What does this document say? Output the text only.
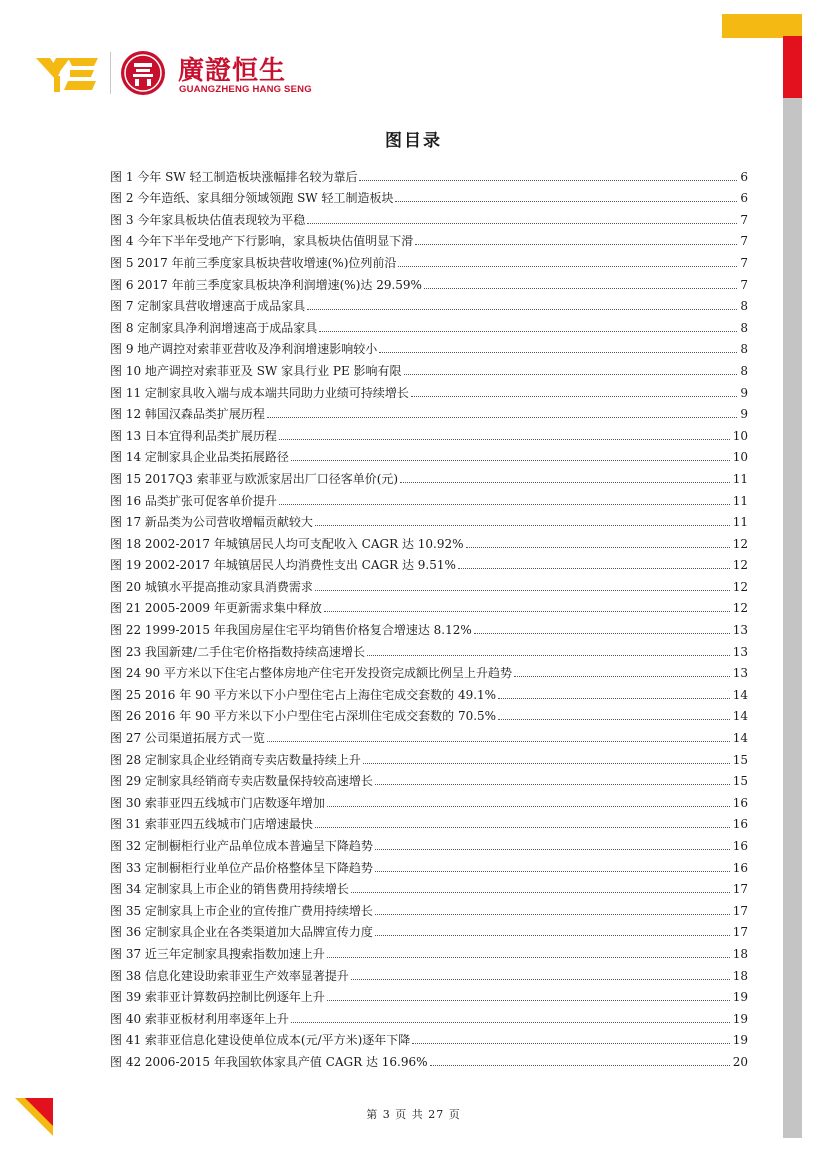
廣證恒生
GUANGZHENG HANG SENG
图目录
图 1 今年 SW 轻工制造板块涨幅排名较为靠后	6
图 2 今年造纸、家具细分领域领跑 SW 轻工制造板块	6
图 3 今年家具板块估值表现较为平稳	7
图 4 今年下半年受地产下行影响，家具板块估值明显下滑	7
图 5 2017 年前三季度家具板块营收增速(%)位列前沿	7
图 6 2017 年前三季度家具板块净利润增速(%)达 29.59%	7
图 7 定制家具营收增速高于成品家具	8
图 8 定制家具净利润增速高于成品家具	8
图 9 地产调控对索菲亚营收及净利润增速影响较小	8
图 10 地产调控对索菲亚及 SW 家具行业 PE 影响有限	8
图 11 定制家具收入端与成本端共同助力业绩可持续增长	9
图 12 韩国汉森品类扩展历程	9
图 13 日本宜得利品类扩展历程	10
图 14 定制家具企业品类拓展路径	10
图 15 2017Q3 索菲亚与欧派家居出厂口径客单价(元)	11
图 16 品类扩张可促客单价提升	11
图 17 新品类为公司营收增幅贡献较大	11
图 18 2002-2017 年城镇居民人均可支配收入 CAGR 达 10.92%	12
图 19 2002-2017 年城镇居民人均消费性支出 CAGR 达 9.51%	12
图 20 城镇水平提高推动家具消费需求	12
图 21 2005-2009 年更新需求集中释放	12
图 22 1999-2015 年我国房屋住宅平均销售价格复合增速达 8.12%	13
图 23 我国新建/二手住宅价格指数持续高速增长	13
图 24 90 平方米以下住宅占整体房地产住宅开发投资完成额比例呈上升趋势	13
图 25 2016 年 90 平方米以下小户型住宅占上海住宅成交套数的 49.1%	14
图 26 2016 年 90 平方米以下小户型住宅占深圳住宅成交套数的 70.5%	14
图 27 公司渠道拓展方式一览	14
图 28 定制家具企业经销商专卖店数量持续上升	15
图 29 定制家具经销商专卖店数量保持较高速增长	15
图 30 索菲亚四五线城市门店数逐年增加	16
图 31 索菲亚四五线城市门店增速最快	16
图 32 定制橱柜行业产品单位成本普遍呈下降趋势	16
图 33 定制橱柜行业单位产品价格整体呈下降趋势	16
图 34 定制家具上市企业的销售费用持续增长	17
图 35 定制家具上市企业的宣传推广费用持续增长	17
图 36 定制家具企业在各类渠道加大品牌宣传力度	17
图 37 近三年定制家具搜索指数加速上升	18
图 38 信息化建设助索菲亚生产效率显著提升	18
图 39 索菲亚计算数码控制比例逐年上升	19
图 40 索菲亚板材利用率逐年上升	19
图 41 索菲亚信息化建设使单位成本(元/平方米)逐年下降	19
图 42 2006-2015 年我国软体家具产值 CAGR 达 16.96%	20
第 3 页 共 27 页
